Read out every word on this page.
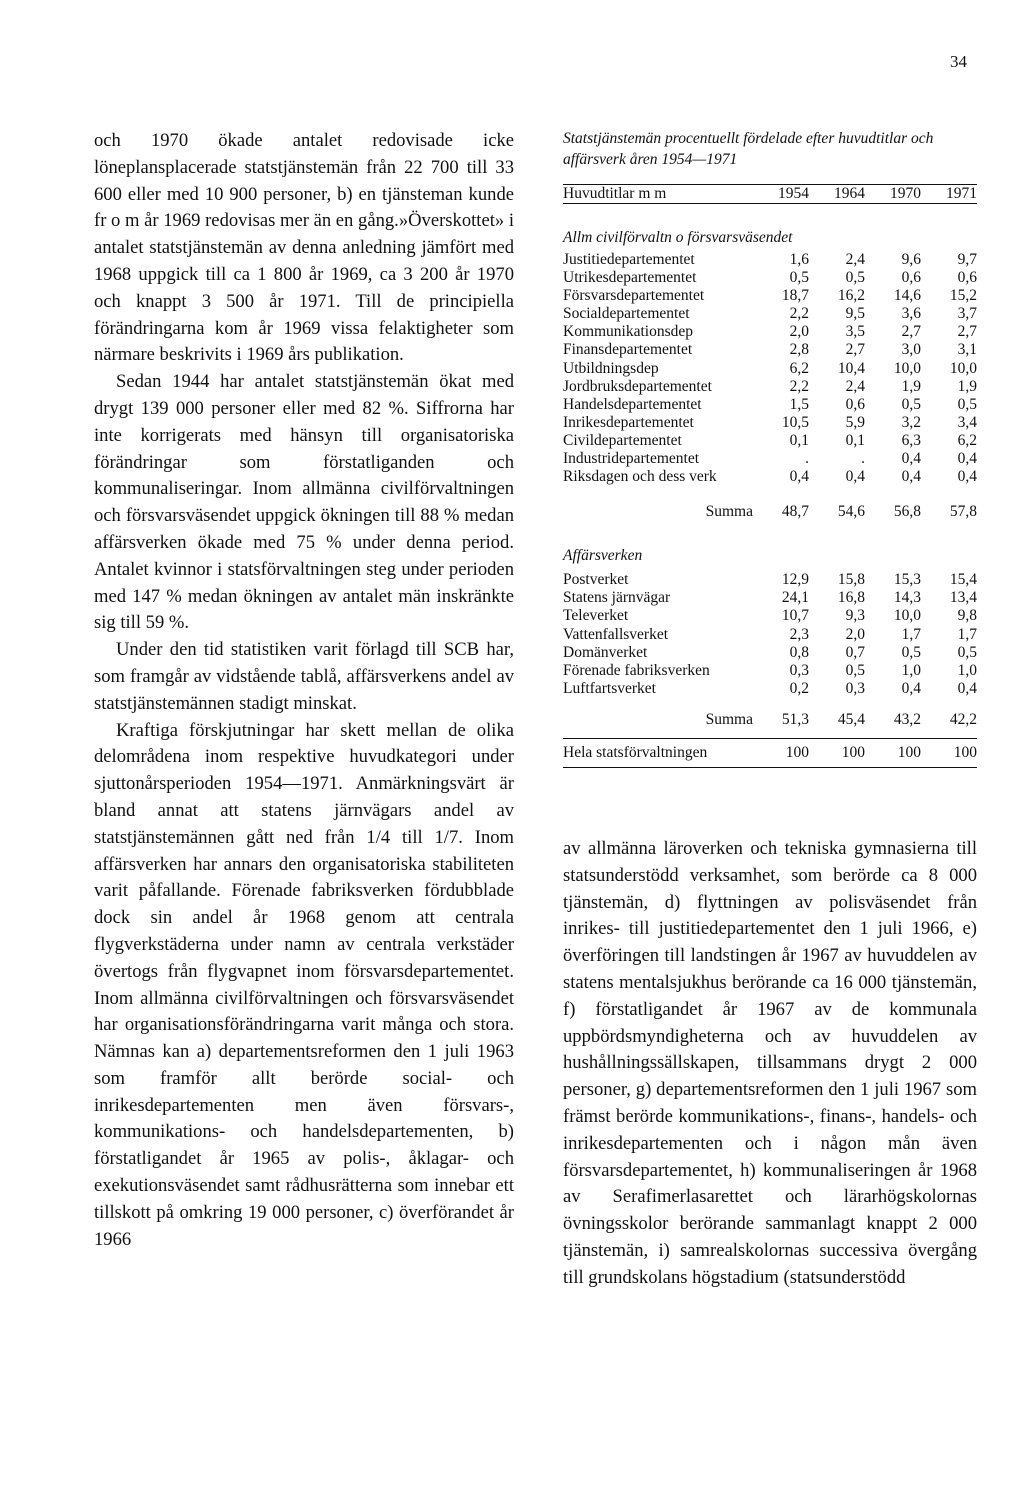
34

och 1970 ökade antalet redovisade icke löneplansplacerade statstjänstemän från 22 700 till 33 600 eller med 10 900 personer, b) en tjänsteman kunde fr o m år 1969 redovisas mer än en gång.»Överskottet» i antalet statstjänstemän av denna anledning jämfört med 1968 uppgick till ca 1 800 år 1969, ca 3 200 år 1970 och knappt 3 500 år 1971. Till de principiella förändringarna kom år 1969 vissa felaktigheter som närmare beskrivits i 1969 års publikation.

Sedan 1944 har antalet statstjänstemän ökat med drygt 139 000 personer eller med 82 %. Siffrorna har inte korrigerats med hänsyn till organisatoriska förändringar som förstatliganden och kommunaliseringar. Inom allmänna civilförvaltningen och försvarsväsendet uppgick ökningen till 88 % medan affärsverken ökade med 75 % under denna period. Antalet kvinnor i statsförvaltningen steg under perioden med 147 % medan ökningen av antalet män inskränkte sig till 59 %.

Under den tid statistiken varit förlagd till SCB har, som framgår av vidstående tablå, affärsverkens andel av statstjänstemännen stadigt minskat.

Kraftiga förskjutningar har skett mellan de olika delområdena inom respektive huvudkategori under sjuttonårsperioden 1954—1971. Anmärkningsvärt är bland annat att statens järnvägars andel av statstjänstemännen gått ned från 1/4 till 1/7. Inom affärsverken har annars den organisatoriska stabiliteten varit påfallande. Förenade fabriksverken fördubblade dock sin andel år 1968 genom att centrala flygverkstäderna under namn av centrala verkstäder övertogs från flygvapnet inom försvarsdepartementet. Inom allmänna civilförvaltningen och försvarsväsendet har organisationsförändringarna varit många och stora. Nämnas kan a) departementsreformen den 1 juli 1963 som framför allt berörde social- och inrikesdepartementen men även försvars-, kommunikations- och handelsdepartementen, b) förstatligandet år 1965 av polis-, åklagar- och exekutionsväsendet samt rådhusrätterna som innebar ett tillskott på omkring 19 000 personer, c) överförandet år 1966

Statstjänstemän procentuellt fördelade efter huvudtitlar och affärsverk åren 1954—1971
Huvudtitlar m m	1954	1964	1970	1971

Allm civilförvaltn o försvarsväsendet				

Justitiedepartementet	1,6	2,4	9,6	9,7
Utrikesdepartementet	0,5	0,5	0,6	0,6
Försvarsdepartementet	18,7	16,2	14,6	15,2
Socialdepartementet	2,2	9,5	3,6	3,7
Kommunikationsdep	2,0	3,5	2,7	2,7
Finansdepartementet	2,8	2,7	3,0	3,1
Utbildningsdep	6,2	10,4	10,0	10,0
Jordbruksdepartementet	2,2	2,4	1,9	1,9
Handelsdepartementet	1,5	0,6	0,5	0,5
Inrikesdepartementet	10,5	5,9	3,2	3,4
Civildepartementet	0,1	0,1	6,3	6,2
Industridepartementet	.	.	0,4	0,4
Riksdagen och dess verk	0,4	0,4	0,4	0,4

Summa	48,7	54,6	56,8	57,8

Affärsverken				

Postverket	12,9	15,8	15,3	15,4
Statens järnvägar	24,1	16,8	14,3	13,4
Televerket	10,7	9,3	10,0	9,8
Vattenfallsverket	2,3	2,0	1,7	1,7
Domänverket	0,8	0,7	0,5	0,5
Förenade fabriksverken	0,3	0,5	1,0	1,0
Luftfartsverket	0,2	0,3	0,4	0,4

Summa	51,3	45,4	43,2	42,2

Hela statsförvaltningen	100	100	100	100

av allmänna läroverken och tekniska gymnasierna till statsunderstödd verksamhet, som berörde ca 8 000 tjänstemän, d) flyttningen av polisväsendet från inrikes- till justitiedepartementet den 1 juli 1966, e) överföringen till landstingen år 1967 av huvuddelen av statens mentalsjukhus berörande ca 16 000 tjänstemän, f) förstatligandet år 1967 av de kommunala uppbördsmyndigheterna och av huvuddelen av hushållningssällskapen, tillsammans drygt 2 000 personer, g) departementsreformen den 1 juli 1967 som främst berörde kommunikations-, finans-, handels- och inrikesdepartementen och i någon mån även försvarsdepartementet, h) kommunaliseringen år 1968 av Serafimerlasarettet och lärarhögskolornas övningsskolor berörande sammanlagt knappt 2 000 tjänstemän, i) samrealskolornas successiva övergång till grundskolans högstadium (statsunderstödd
